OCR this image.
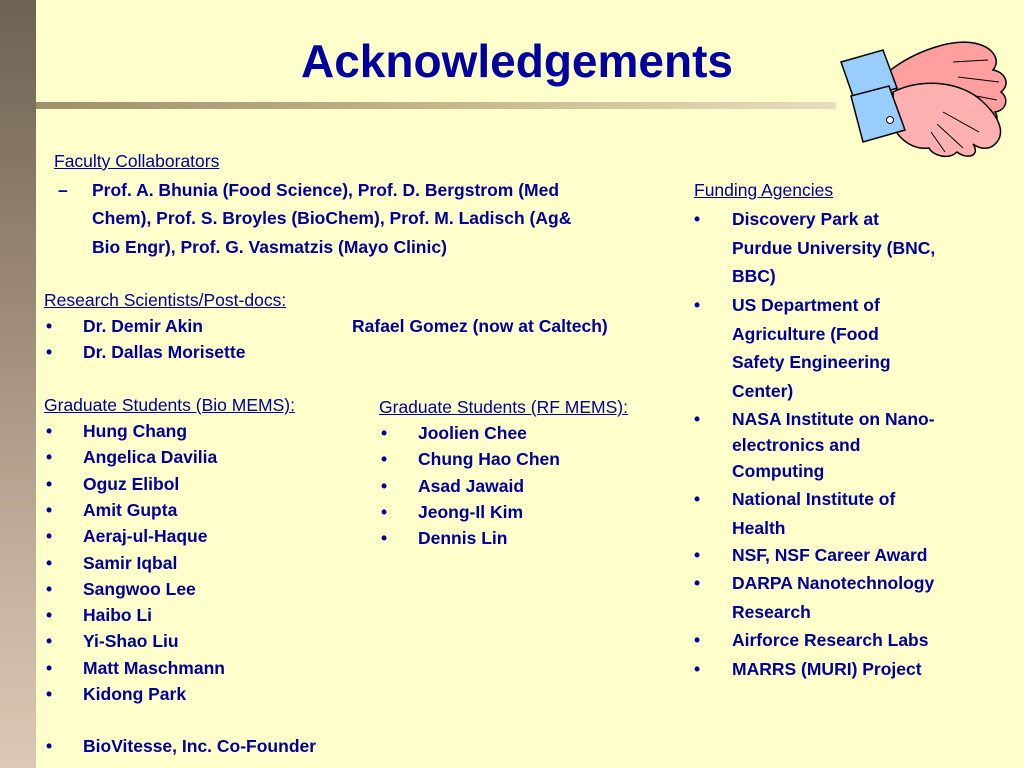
Acknowledgements
Faculty Collaborators
– Prof. A. Bhunia (Food Science), Prof. D. Bergstrom (Med
Chem), Prof. S. Broyles (BioChem), Prof. M. Ladisch (Ag&
Bio Engr), Prof. G. Vasmatzis (Mayo Clinic)
Research Scientists/Post-docs:
• Dr. Demir Akin	Rafael Gomez (now at Caltech)
• Dr. Dallas Morisette
Graduate Students (Bio MEMS):
• BioVitesse, Inc. Co-Founder
Graduate Students (RF MEMS):
Funding Agencies
• Hung Chang
• Angelica Davilia
• Oguz Elibol
• Amit Gupta
• Aeraj-ul-Haque
• Samir Iqbal
• Sangwoo Lee
• Haibo Li
• Yi-Shao Liu
• Matt Maschmann
• Kidong Park
• Joolien Chee
• Chung Hao Chen
• Asad Jawaid
• Jeong-Il Kim
• Dennis Lin
• Discovery Park at
Purdue University (BNC,
BBC)
• US Department of
Agriculture (Food
Safety Engineering
Center)
• NASA Institute on Nano-
electronics and
Computing
• National Institute of
Health
• NSF, NSF Career Award
• DARPA Nanotechnology
Research
• Airforce Research Labs
• MARRS (MURI) Project
